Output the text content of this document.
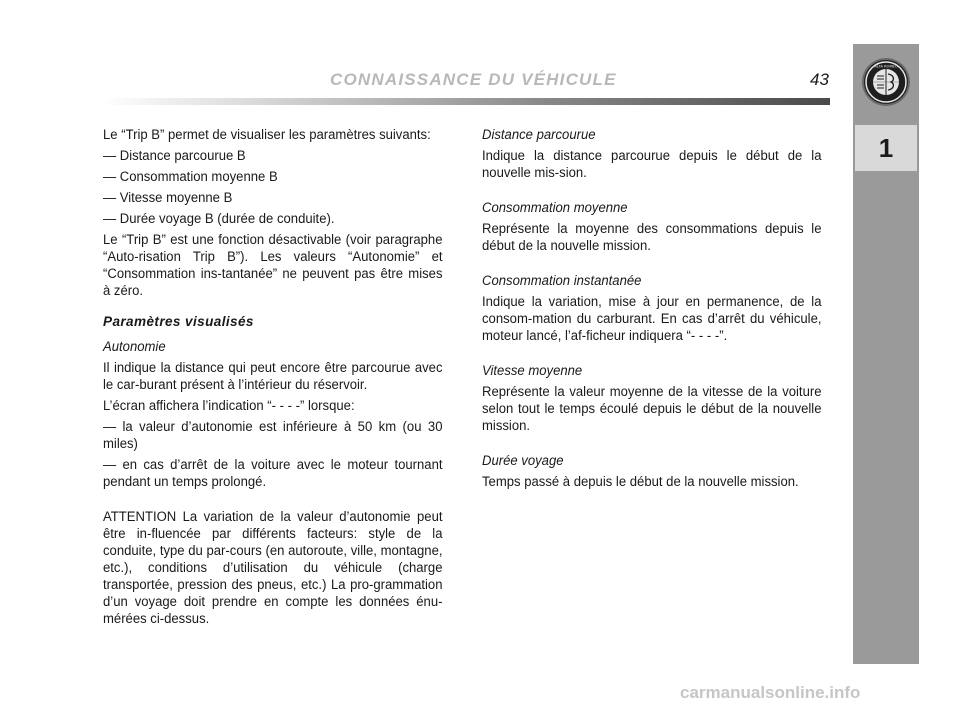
CONNAISSANCE DU VÉHICULE	43
ALFA ROMEO
1

Le “Trip B” permet de visualiser les paramètres suivants:

— Distance parcourue B

— Consommation moyenne B

— Vitesse moyenne B

— Durée voyage B (durée de conduite).

Le “Trip B” est une fonction désactivable (voir paragraphe “Auto-risation Trip B”). Les valeurs “Autonomie” et “Consommation ins-tantanée” ne peuvent pas être mises à zéro.

Paramètres visualisés

Autonomie

Il indique la distance qui peut encore être parcourue avec le car-burant présent à l’intérieur du réservoir.

L’écran affichera l’indication “- - - -” lorsque:

— la valeur d’autonomie est inférieure à 50 km (ou 30 miles)

— en cas d’arrêt de la voiture avec le moteur tournant pendant un temps prolongé.

ATTENTION La variation de la valeur d’autonomie peut être in-fluencée par différents facteurs: style de la conduite, type du par-cours (en autoroute, ville, montagne, etc.), conditions d’utilisation du véhicule (charge transportée, pression des pneus, etc.) La pro-grammation d’un voyage doit prendre en compte les données énu-mérées ci-dessus.

Distance parcourue

Indique la distance parcourue depuis le début de la nouvelle mis-sion.

Consommation moyenne

Représente la moyenne des consommations depuis le début de la nouvelle mission.

Consommation instantanée

Indique la variation, mise à jour en permanence, de la consom-mation du carburant. En cas d’arrêt du véhicule, moteur lancé, l’af-ficheur indiquera “- - - -”.

Vitesse moyenne

Représente la valeur moyenne de la vitesse de la voiture selon tout le temps écoulé depuis le début de la nouvelle mission.

Durée voyage

Temps passé à depuis le début de la nouvelle mission.

carmanualsonline.info
